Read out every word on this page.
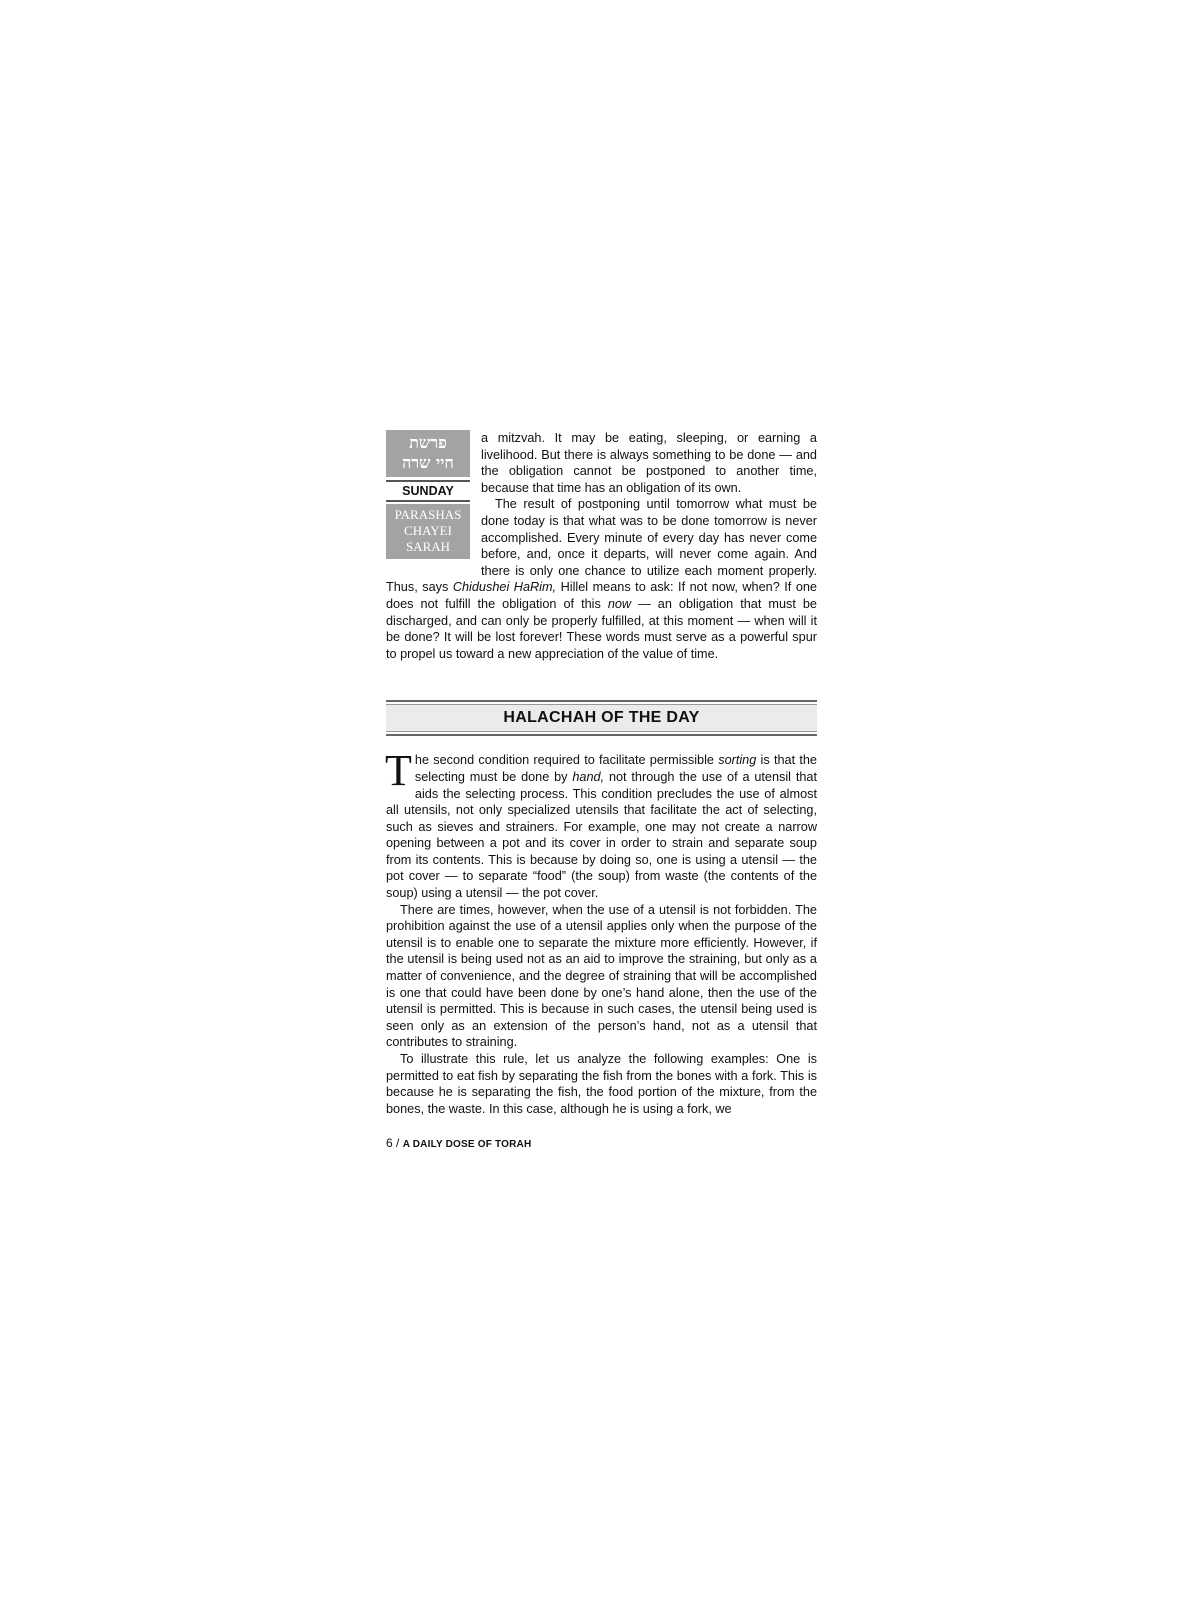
פרשת
חיי שרה
SUNDAY
PARASHAS
CHAYEI
SARAH

a mitzvah. It may be eating, sleeping, or earning a livelihood. But there is always something to be done — and the obligation cannot be postponed to another time, because that time has an obligation of its own.

The result of postponing until tomorrow what must be done today is that what was to be done tomorrow is never accomplished. Every minute of every day has never come before, and, once it departs, will never come again. And there is only one chance to utilize each moment properly. Thus, says Chidushei HaRim, Hillel means to ask: If not now, when? If one does not fulfill the obligation of this now — an obligation that must be discharged, and can only be properly fulfilled, at this moment — when will it be done? It will be lost forever! These words must serve as a powerful spur to propel us toward a new appreciation of the value of time.

HALACHAH OF THE DAY

The second condition required to facilitate permissible sorting is that the selecting must be done by hand, not through the use of a utensil that aids the selecting process. This condition precludes the use of almost all utensils, not only specialized utensils that facilitate the act of selecting, such as sieves and strainers. For example, one may not create a narrow opening between a pot and its cover in order to strain and separate soup from its contents. This is because by doing so, one is using a utensil — the pot cover — to separate “food” (the soup) from waste (the contents of the soup) using a utensil — the pot cover.

There are times, however, when the use of a utensil is not forbidden. The prohibition against the use of a utensil applies only when the purpose of the utensil is to enable one to separate the mixture more efficiently. However, if the utensil is being used not as an aid to improve the straining, but only as a matter of convenience, and the degree of straining that will be accomplished is one that could have been done by one’s hand alone, then the use of the utensil is permitted. This is because in such cases, the utensil being used is seen only as an extension of the person’s hand, not as a utensil that contributes to straining.

To illustrate this rule, let us analyze the following examples: One is permitted to eat fish by separating the fish from the bones with a fork. This is because he is separating the fish, the food portion of the mixture, from the bones, the waste. In this case, although he is using a fork, we

6 / A DAILY DOSE OF TORAH
